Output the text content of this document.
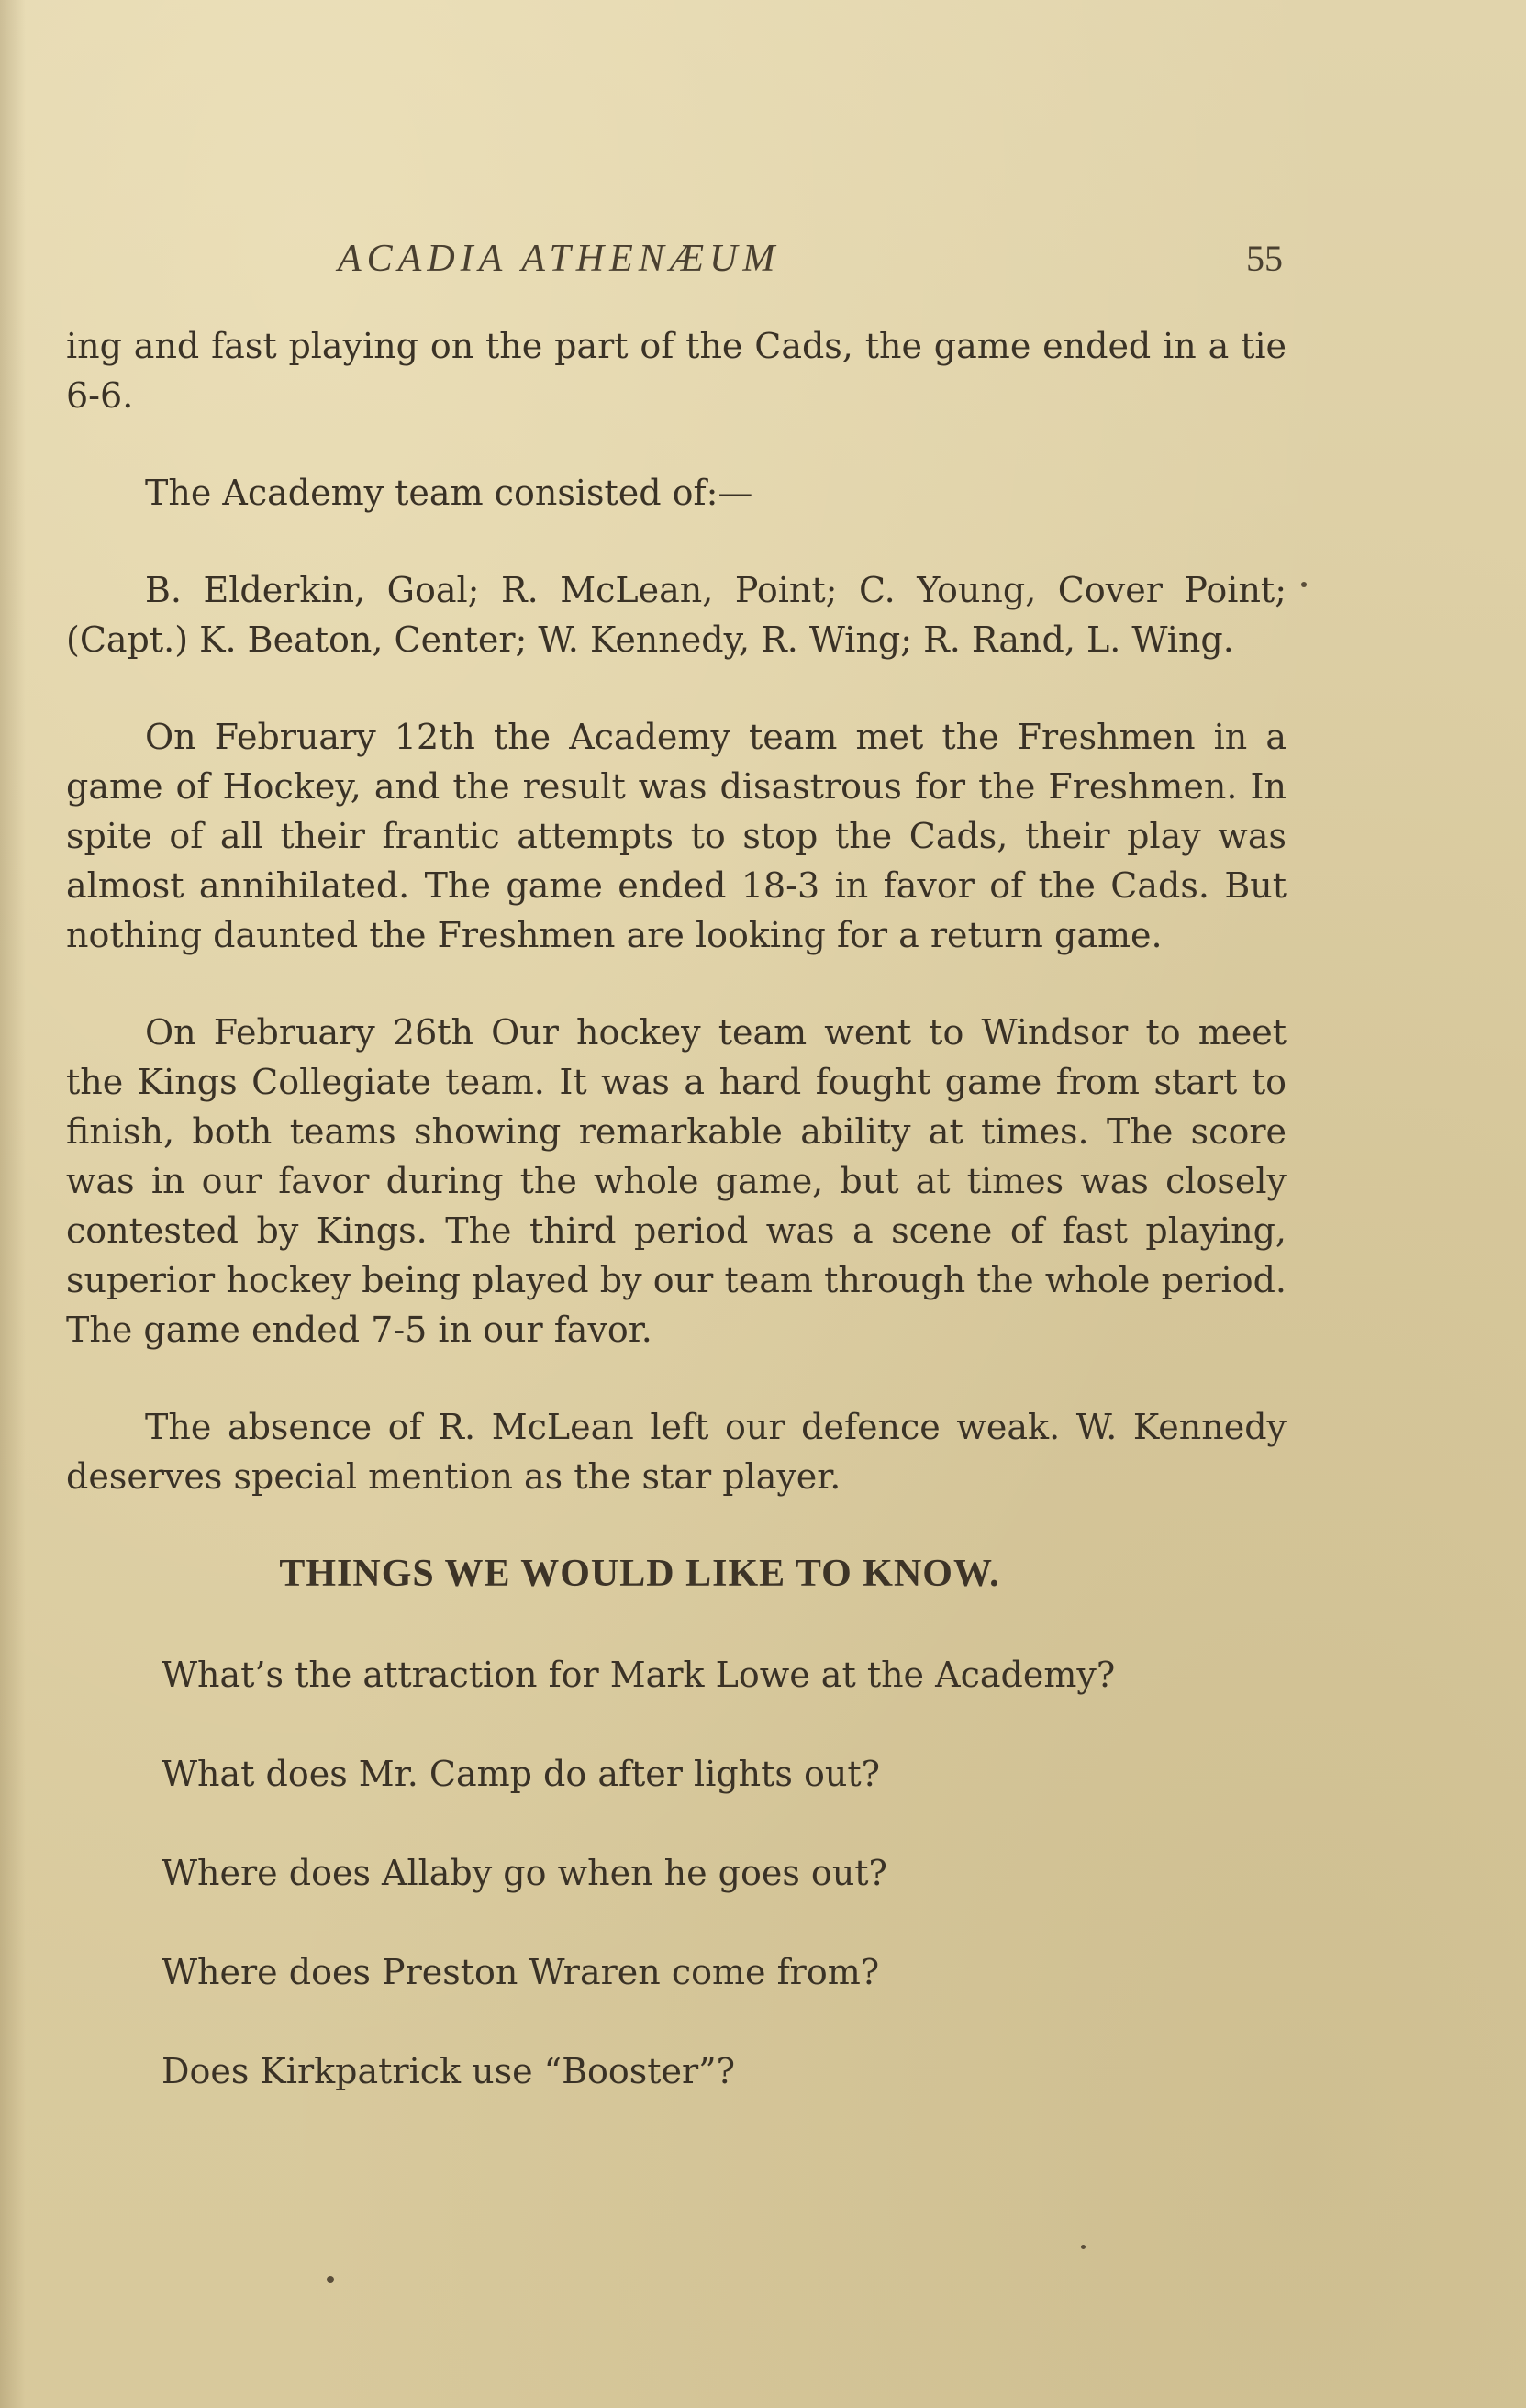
ACADIA ATHENÆUM	55

ing and fast playing on the part of the Cads, the game ended in a tie 6-6.

The Academy team consisted of:—

B. Elderkin, Goal; R. McLean, Point; C. Young, Cover Point; (Capt.) K. Beaton, Center; W. Kennedy, R. Wing; R. Rand, L. Wing.

On February 12th the Academy team met the Freshmen in a game of Hockey, and the result was disastrous for the Freshmen. In spite of all their frantic attempts to stop the Cads, their play was almost annihilated. The game ended 18-3 in favor of the Cads. But nothing daunted the Freshmen are looking for a return game.

On February 26th Our hockey team went to Windsor to meet the Kings Collegiate team. It was a hard fought game from start to finish, both teams showing remarkable ability at times. The score was in our favor during the whole game, but at times was closely contested by Kings. The third period was a scene of fast playing, superior hockey being played by our team through the whole period. The game ended 7-5 in our favor.

The absence of R. McLean left our defence weak. W. Kennedy deserves special mention as the star player.

THINGS WE WOULD LIKE TO KNOW.

What’s the attraction for Mark Lowe at the Academy?

What does Mr. Camp do after lights out?

Where does Allaby go when he goes out?

Where does Preston Wraren come from?

Does Kirkpatrick use “Booster”?
